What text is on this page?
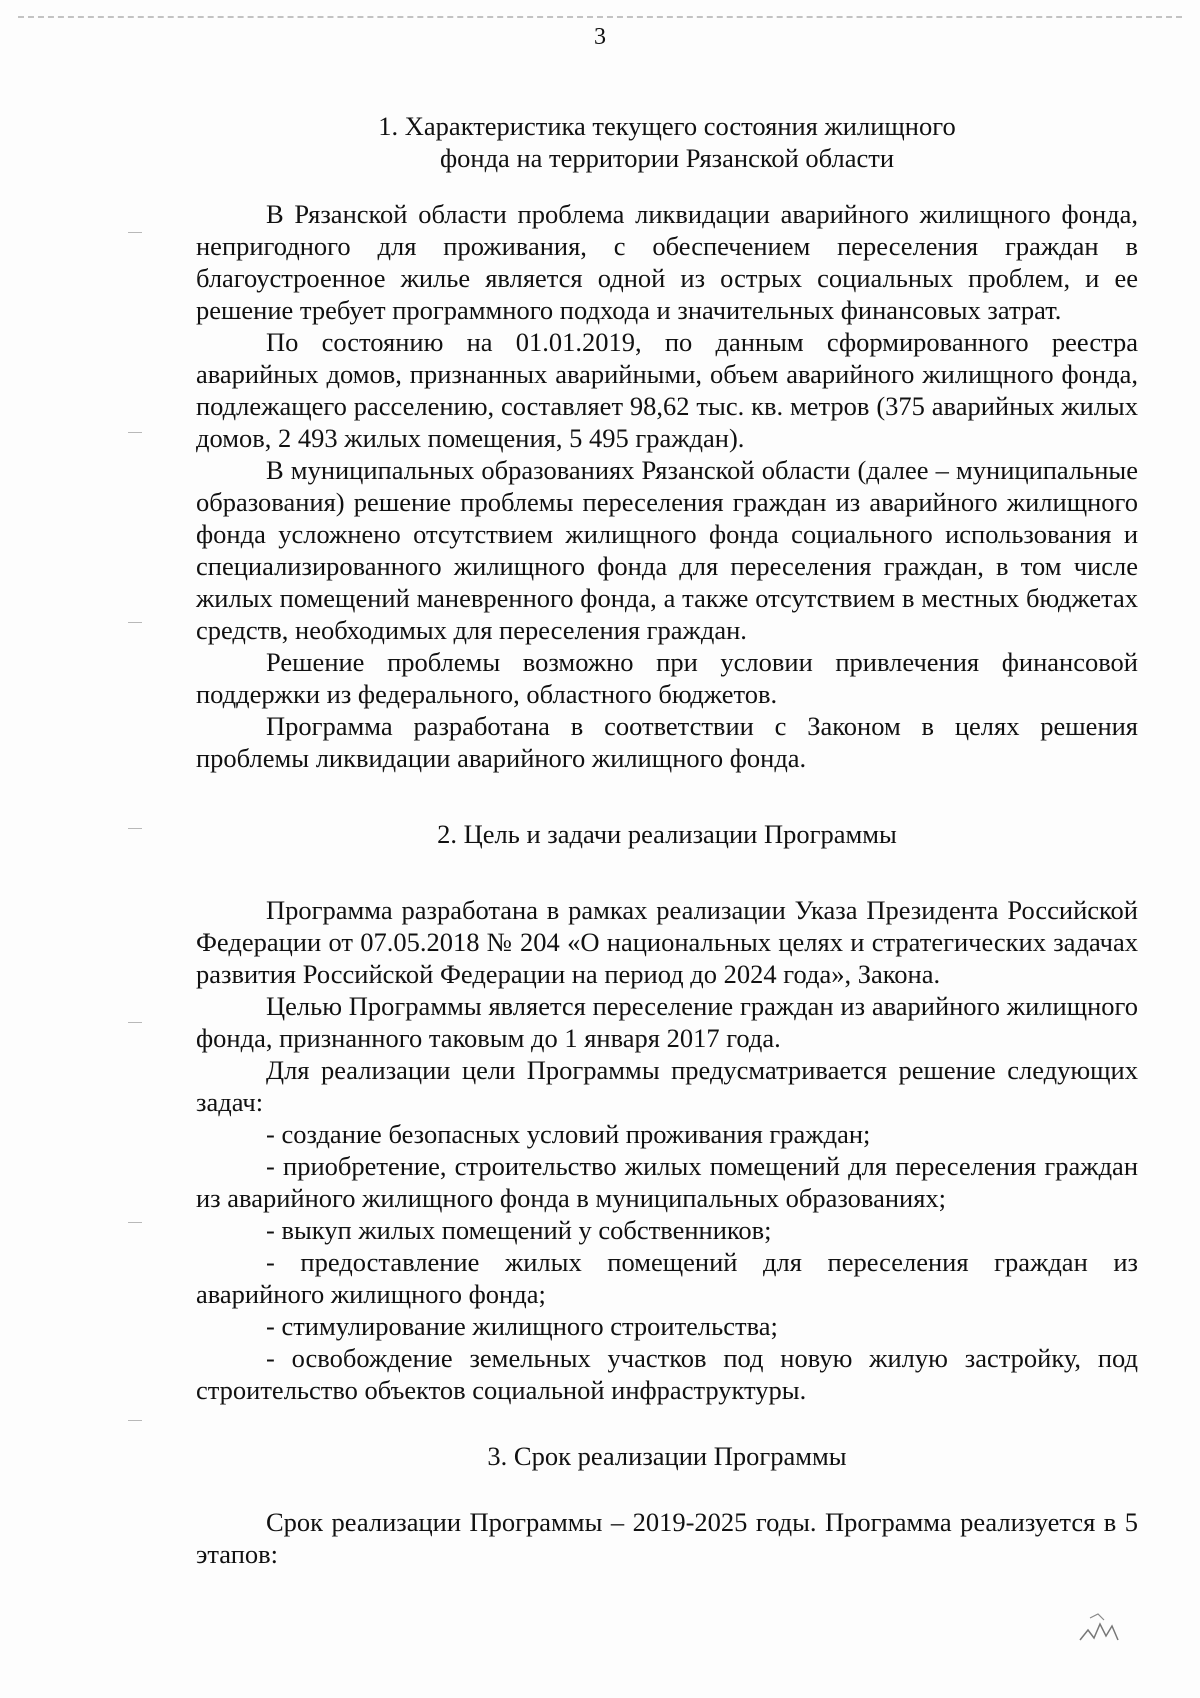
3
1. Характеристика текущего состояния жилищного
фонда на территории Рязанской области

В Рязанской области проблема ликвидации аварийного жилищного фонда, непригодного для проживания, с обеспечением переселения граждан в благоустроенное жилье является одной из острых социальных проблем, и ее решение требует программного подхода и значительных финансовых затрат.

По состоянию на 01.01.2019, по данным сформированного реестра аварийных домов, признанных аварийными, объем аварийного жилищного фонда, подлежащего расселению, составляет 98,62 тыс. кв. метров (375 аварийных жилых домов, 2 493 жилых помещения, 5 495 граждан).

В муниципальных образованиях Рязанской области (далее – муниципальные образования) решение проблемы переселения граждан из аварийного жилищного фонда усложнено отсутствием жилищного фонда социального использования и специализированного жилищного фонда для переселения граждан, в том числе жилых помещений маневренного фонда, а также отсутствием в местных бюджетах средств, необходимых для переселения граждан.

Решение проблемы возможно при условии привлечения финансовой поддержки из федерального, областного бюджетов.

Программа разработана в соответствии с Законом в целях решения проблемы ликвидации аварийного жилищного фонда.

2. Цель и задачи реализации Программы

Программа разработана в рамках реализации Указа Президента Российской Федерации от 07.05.2018 № 204 «О национальных целях и стратегических задачах развития Российской Федерации на период до 2024 года», Закона.

Целью Программы является переселение граждан из аварийного жилищного фонда, признанного таковым до 1 января 2017 года.

Для реализации цели Программы предусматривается решение следующих задач:

- создание безопасных условий проживания граждан;

- приобретение, строительство жилых помещений для переселения граждан из аварийного жилищного фонда в муниципальных образованиях;

- выкуп жилых помещений у собственников;

- предоставление жилых помещений для переселения граждан из аварийного жилищного фонда;

- стимулирование жилищного строительства;

- освобождение земельных участков под новую жилую застройку, под строительство объектов социальной инфраструктуры.

3. Срок реализации Программы

Срок реализации Программы – 2019-2025 годы. Программа реализуется в 5 этапов:
